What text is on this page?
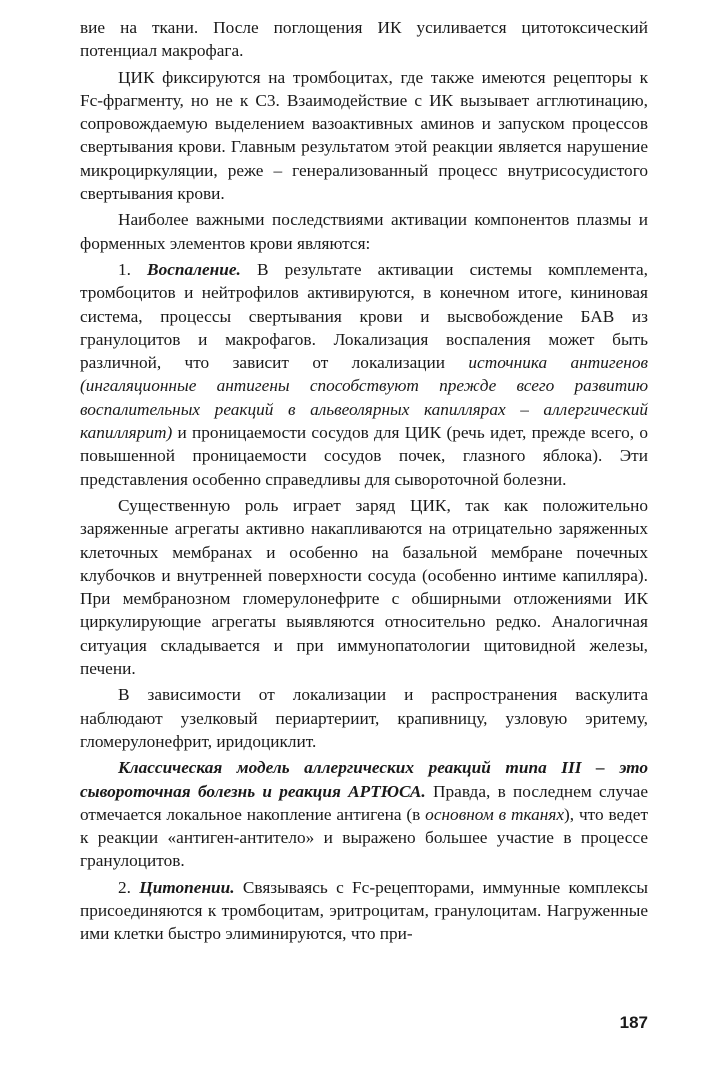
вие на ткани. После поглощения ИК усиливается цитотоксический потенциал макрофага.

ЦИК фиксируются на тромбоцитах, где также имеются рецепторы к Fc-фрагменту, но не к С3. Взаимодействие с ИК вызывает агглютинацию, сопровождаемую выделением вазоактивных аминов и запуском процессов свертывания крови. Главным результатом этой реакции является нарушение микроциркуляции, реже – генерализованный процесс внутрисосудистого свертывания крови.

Наиболее важными последствиями активации компонентов плазмы и форменных элементов крови являются:

1. Воспаление. В результате активации системы комплемента, тромбоцитов и нейтрофилов активируются, в конечном итоге, кининовая система, процессы свертывания крови и высвобождение БАВ из гранулоцитов и макрофагов. Локализация воспаления может быть различной, что зависит от локализации источника антигенов (ингаляционные антигены способствуют прежде всего развитию воспалительных реакций в альвеолярных капиллярах – аллергический капиллярит) и проницаемости сосудов для ЦИК (речь идет, прежде всего, о повышенной проницаемости сосудов почек, глазного яблока). Эти представления особенно справедливы для сывороточной болезни.

Существенную роль играет заряд ЦИК, так как положительно заряженные агрегаты активно накапливаются на отрицательно заряженных клеточных мембранах и особенно на базальной мембране почечных клубочков и внутренней поверхности сосуда (особенно интиме капилляра). При мембранозном гломерулонефрите с обширными отложениями ИК циркулирующие агрегаты выявляются относительно редко. Аналогичная ситуация складывается и при иммунопатологии щитовидной железы, печени.

В зависимости от локализации и распространения васкулита наблюдают узелковый периартериит, крапивницу, узловую эритему, гломерулонефрит, иридоциклит.

Классическая модель аллергических реакций типа III – это сывороточная болезнь и реакция АРТЮСА. Правда, в последнем случае отмечается локальное накопление антигена (в основном в тканях), что ведет к реакции «антиген-антитело» и выражено большее участие в процессе гранулоцитов.

2. Цитопении. Связываясь с Fc-рецепторами, иммунные комплексы присоединяются к тромбоцитам, эритроцитам, гранулоцитам. Нагруженные ими клетки быстро элиминируются, что при-

187
